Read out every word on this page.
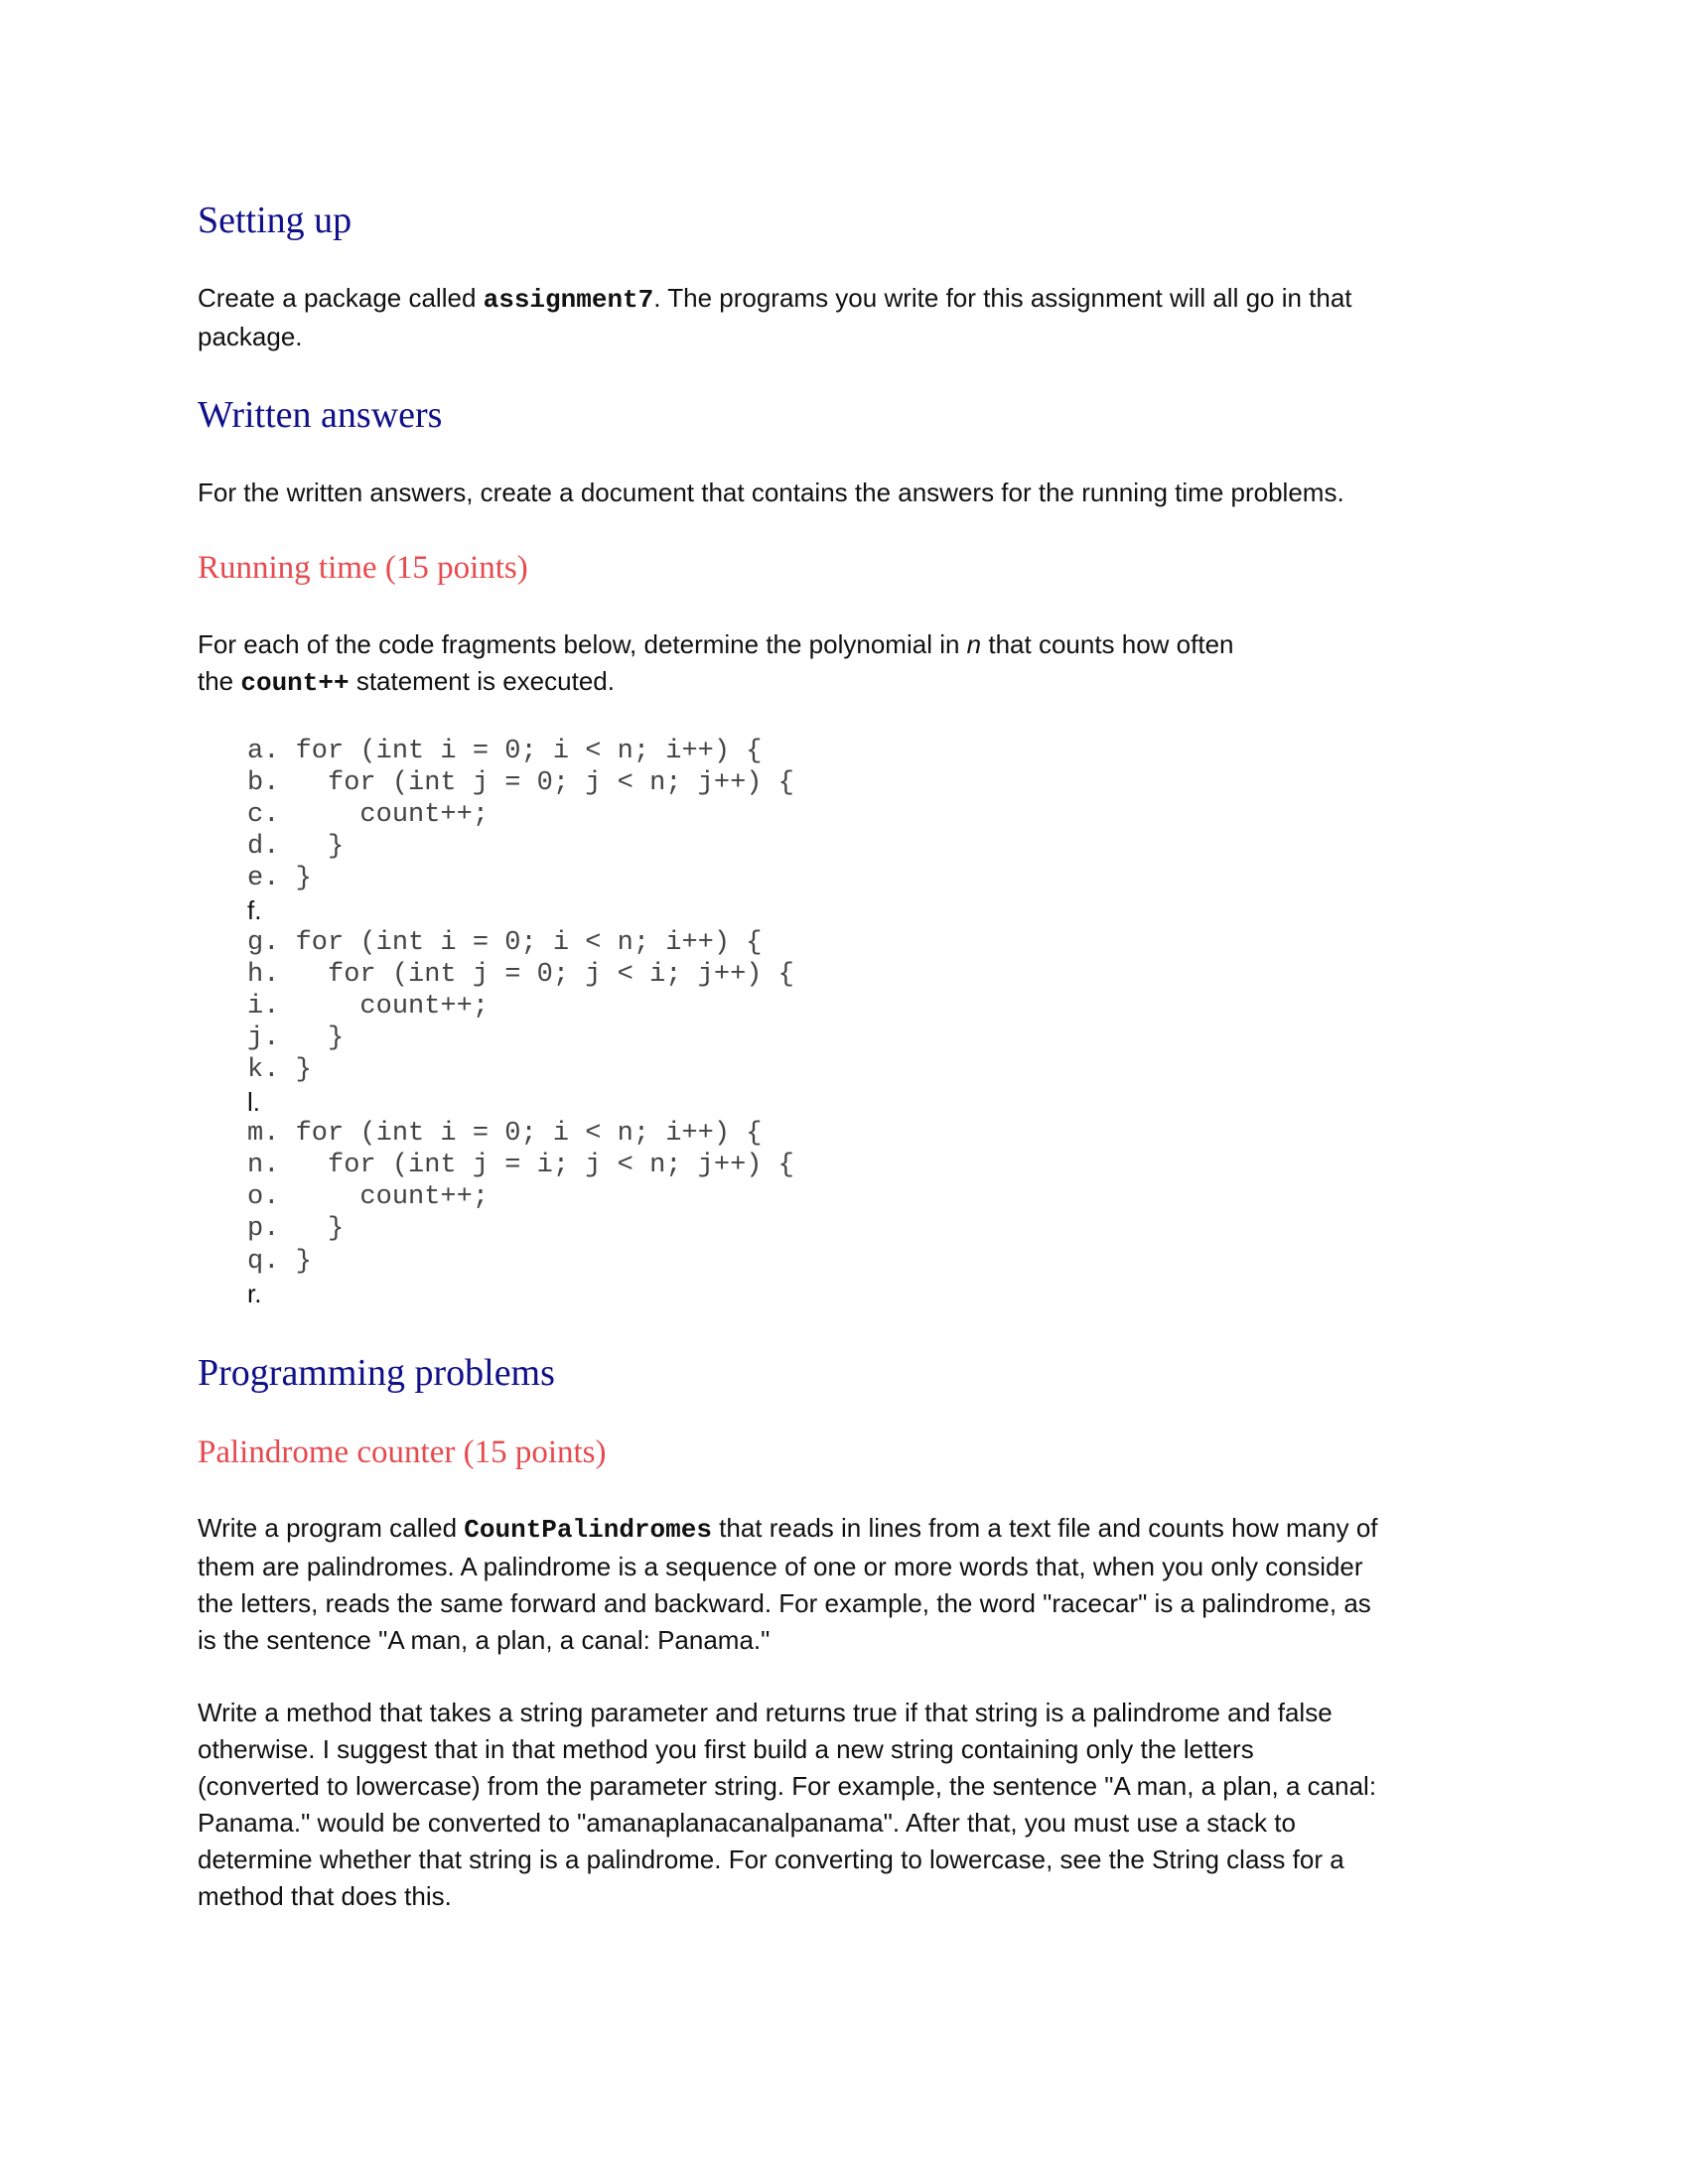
Setting up
Create a package called assignment7. The programs you write for this assignment will all go in that
package.
Written answers
For the written answers, create a document that contains the answers for the running time problems.
Running time (15 points)
For each of the code fragments below, determine the polynomial in n that counts how often
the count++ statement is executed.
a. for (int i = 0; i < n; i++) {
b.   for (int j = 0; j < n; j++) {
c.     count++;
d.   }
e. }
f.
g. for (int i = 0; i < n; i++) {
h.   for (int j = 0; j < i; j++) {
i.     count++;
j.   }
k. }
l.
m. for (int i = 0; i < n; i++) {
n.   for (int j = i; j < n; j++) {
o.     count++;
p.   }
q. }
r.
Programming problems
Palindrome counter (15 points)
Write a program called CountPalindromes that reads in lines from a text file and counts how many of
them are palindromes. A palindrome is a sequence of one or more words that, when you only consider
the letters, reads the same forward and backward. For example, the word "racecar" is a palindrome, as
is the sentence "A man, a plan, a canal: Panama."
Write a method that takes a string parameter and returns true if that string is a palindrome and false
otherwise. I suggest that in that method you first build a new string containing only the letters
(converted to lowercase) from the parameter string. For example, the sentence "A man, a plan, a canal:
Panama." would be converted to "amanaplanacanalpanama". After that, you must use a stack to
determine whether that string is a palindrome. For converting to lowercase, see the String class for a
method that does this.
